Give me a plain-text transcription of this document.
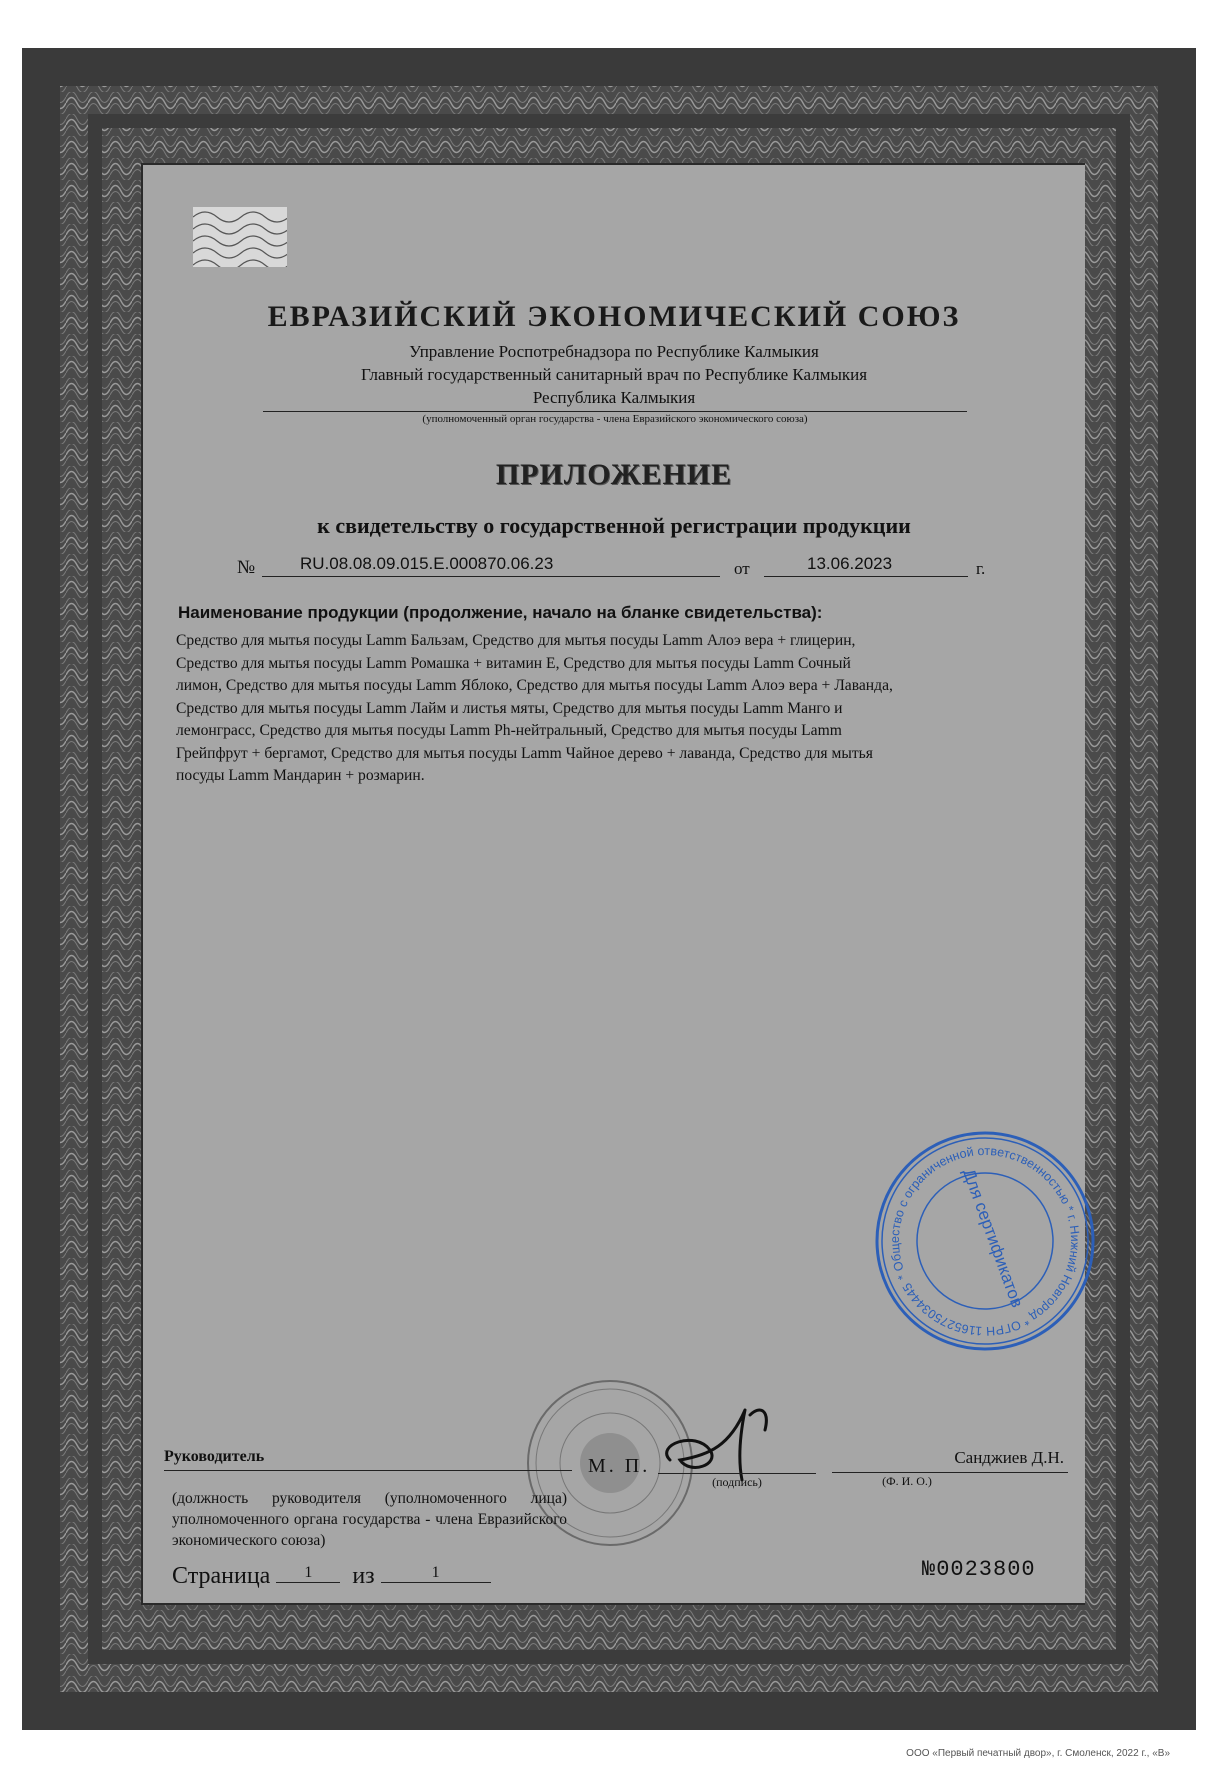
ЕВРАЗИЙСКИЙ ЭКОНОМИЧЕСКИЙ СОЮЗ
Управление Роспотребнадзора по Республике Калмыкия
Главный государственный санитарный врач по Республике Калмыкия
Республика Калмыкия
(уполномоченный орган государства - члена Евразийского экономического союза)
ПРИЛОЖЕНИЕ
к свидетельству о государственной регистрации продукции
№	RU.08.08.09.015.E.000870.06.23	от	13.06.2023	г.
Наименование продукции (продолжение, начало на бланке свидетельства):
Средство для мытья посуды Lamm Бальзам, Средство для мытья посуды Lamm Алоэ вера + глицерин,
Средство для мытья посуды Lamm Ромашка + витамин E, Средство для мытья посуды Lamm Сочный
лимон, Средство для мытья посуды Lamm Яблоко, Средство для мытья посуды Lamm Алоэ вера + Лаванда,
Средство для мытья посуды Lamm Лайм и листья мяты, Средство для мытья посуды Lamm Манго и
лемонграсс, Средство для мытья посуды Lamm Ph-нейтральный, Средство для мытья посуды Lamm
Грейпфрут + бергамот, Средство для мытья посуды Lamm Чайное дерево + лаванда, Средство для мытья
посуды Lamm Мандарин + розмарин.
* Общество с ограниченной ответственностью * г. Нижний Новгород * ОГРН 1165275034445	Для сертификатов
Руководитель	М. П.
(подпись)
Санджиев Д.Н.
(Ф. И. О.)
(должность руководителя (уполномоченного лица) уполномоченного органа государства - члена Евразийского экономического союза)
Страница 1 из	1	№0023800
ООО «Первый печатный двор», г. Смоленск, 2022 г., «В»
